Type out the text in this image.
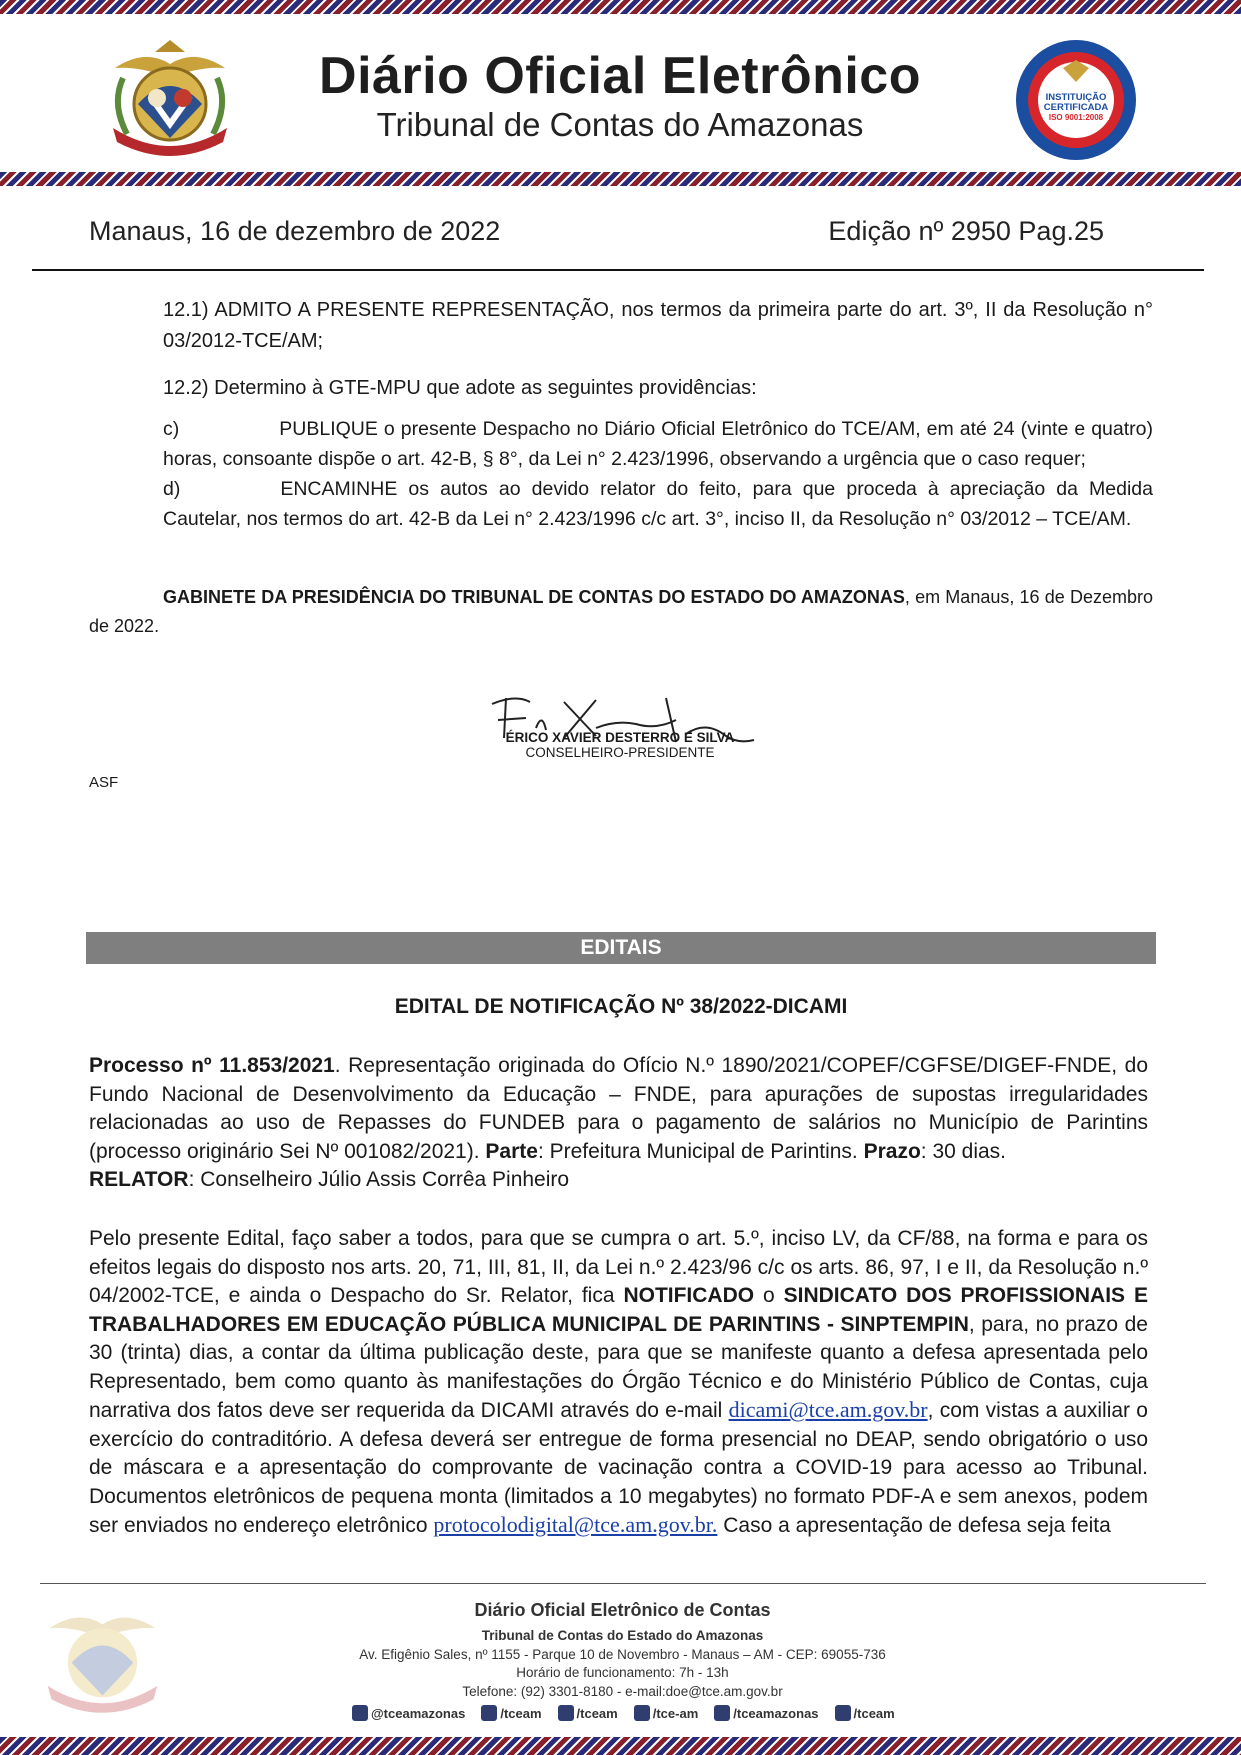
Diário Oficial Eletrônico
Tribunal de Contas do Amazonas
INSTITUIÇÃO
CERTIFICADA
ISO 9001:2008
Manaus, 16 de dezembro de 2022	Edição nº 2950 Pag.25
12.1) ADMITO A PRESENTE REPRESENTAÇÃO, nos termos da primeira parte do art. 3º, II da Resolução n° 03/2012-TCE/AM;
12.2) Determino à GTE-MPU que adote as seguintes providências:
c)	PUBLIQUE o presente Despacho no Diário Oficial Eletrônico do TCE/AM, em até 24 (vinte e quatro) horas, consoante dispõe o art. 42-B, § 8°, da Lei n° 2.423/1996, observando a urgência que o caso requer;
d)	ENCAMINHE os autos ao devido relator do feito, para que proceda à apreciação da Medida Cautelar, nos termos do art. 42-B da Lei n° 2.423/1996 c/c art. 3°, inciso II, da Resolução n° 03/2012 – TCE/AM.
GABINETE DA PRESIDÊNCIA DO TRIBUNAL DE CONTAS DO ESTADO DO AMAZONAS, em Manaus, 16 de Dezembro de 2022.
ÉRICO XAVIER DESTERRO E SILVA
CONSELHEIRO-PRESIDENTE
ASF
EDITAIS
EDITAL DE NOTIFICAÇÃO Nº 38/2022-DICAMI
Processo nº 11.853/2021. Representação originada do Ofício N.º 1890/2021/COPEF/CGFSE/DIGEF-FNDE, do Fundo Nacional de Desenvolvimento da Educação – FNDE, para apurações de supostas irregularidades relacionadas ao uso de Repasses do FUNDEB para o pagamento de salários no Município de Parintins (processo originário Sei Nº 001082/2021). Parte: Prefeitura Municipal de Parintins. Prazo: 30 dias.
RELATOR: Conselheiro Júlio Assis Corrêa Pinheiro
Pelo presente Edital, faço saber a todos, para que se cumpra o art. 5.º, inciso LV, da CF/88, na forma e para os efeitos legais do disposto nos arts. 20, 71, III, 81, II, da Lei n.º 2.423/96 c/c os arts. 86, 97, I e II, da Resolução n.º 04/2002-TCE, e ainda o Despacho do Sr. Relator, fica NOTIFICADO o SINDICATO DOS PROFISSIONAIS E TRABALHADORES EM EDUCAÇÃO PÚBLICA MUNICIPAL DE PARINTINS - SINPTEMPIN, para, no prazo de 30 (trinta) dias, a contar da última publicação deste, para que se manifeste quanto a defesa apresentada pelo Representado, bem como quanto às manifestações do Órgão Técnico e do Ministério Público de Contas, cuja narrativa dos fatos deve ser requerida da DICAMI através do e-mail dicami@tce.am.gov.br, com vistas a auxiliar o exercício do contraditório. A defesa deverá ser entregue de forma presencial no DEAP, sendo obrigatório o uso de máscara e a apresentação do comprovante de vacinação contra a COVID-19 para acesso ao Tribunal. Documentos eletrônicos de pequena monta (limitados a 10 megabytes) no formato PDF-A e sem anexos, podem ser enviados no endereço eletrônico protocolodigital@tce.am.gov.br. Caso a apresentação de defesa seja feita
Diário Oficial Eletrônico de Contas
Tribunal de Contas do Estado do Amazonas
Av. Efigênio Sales, nº 1155 - Parque 10 de Novembro - Manaus – AM - CEP: 69055-736
Horário de funcionamento: 7h - 13h
Telefone: (92) 3301-8180 - e-mail:doe@tce.am.gov.br
@tceamazonas	/tceam	/tceam	/tce-am	/tceamazonas	/tceam
